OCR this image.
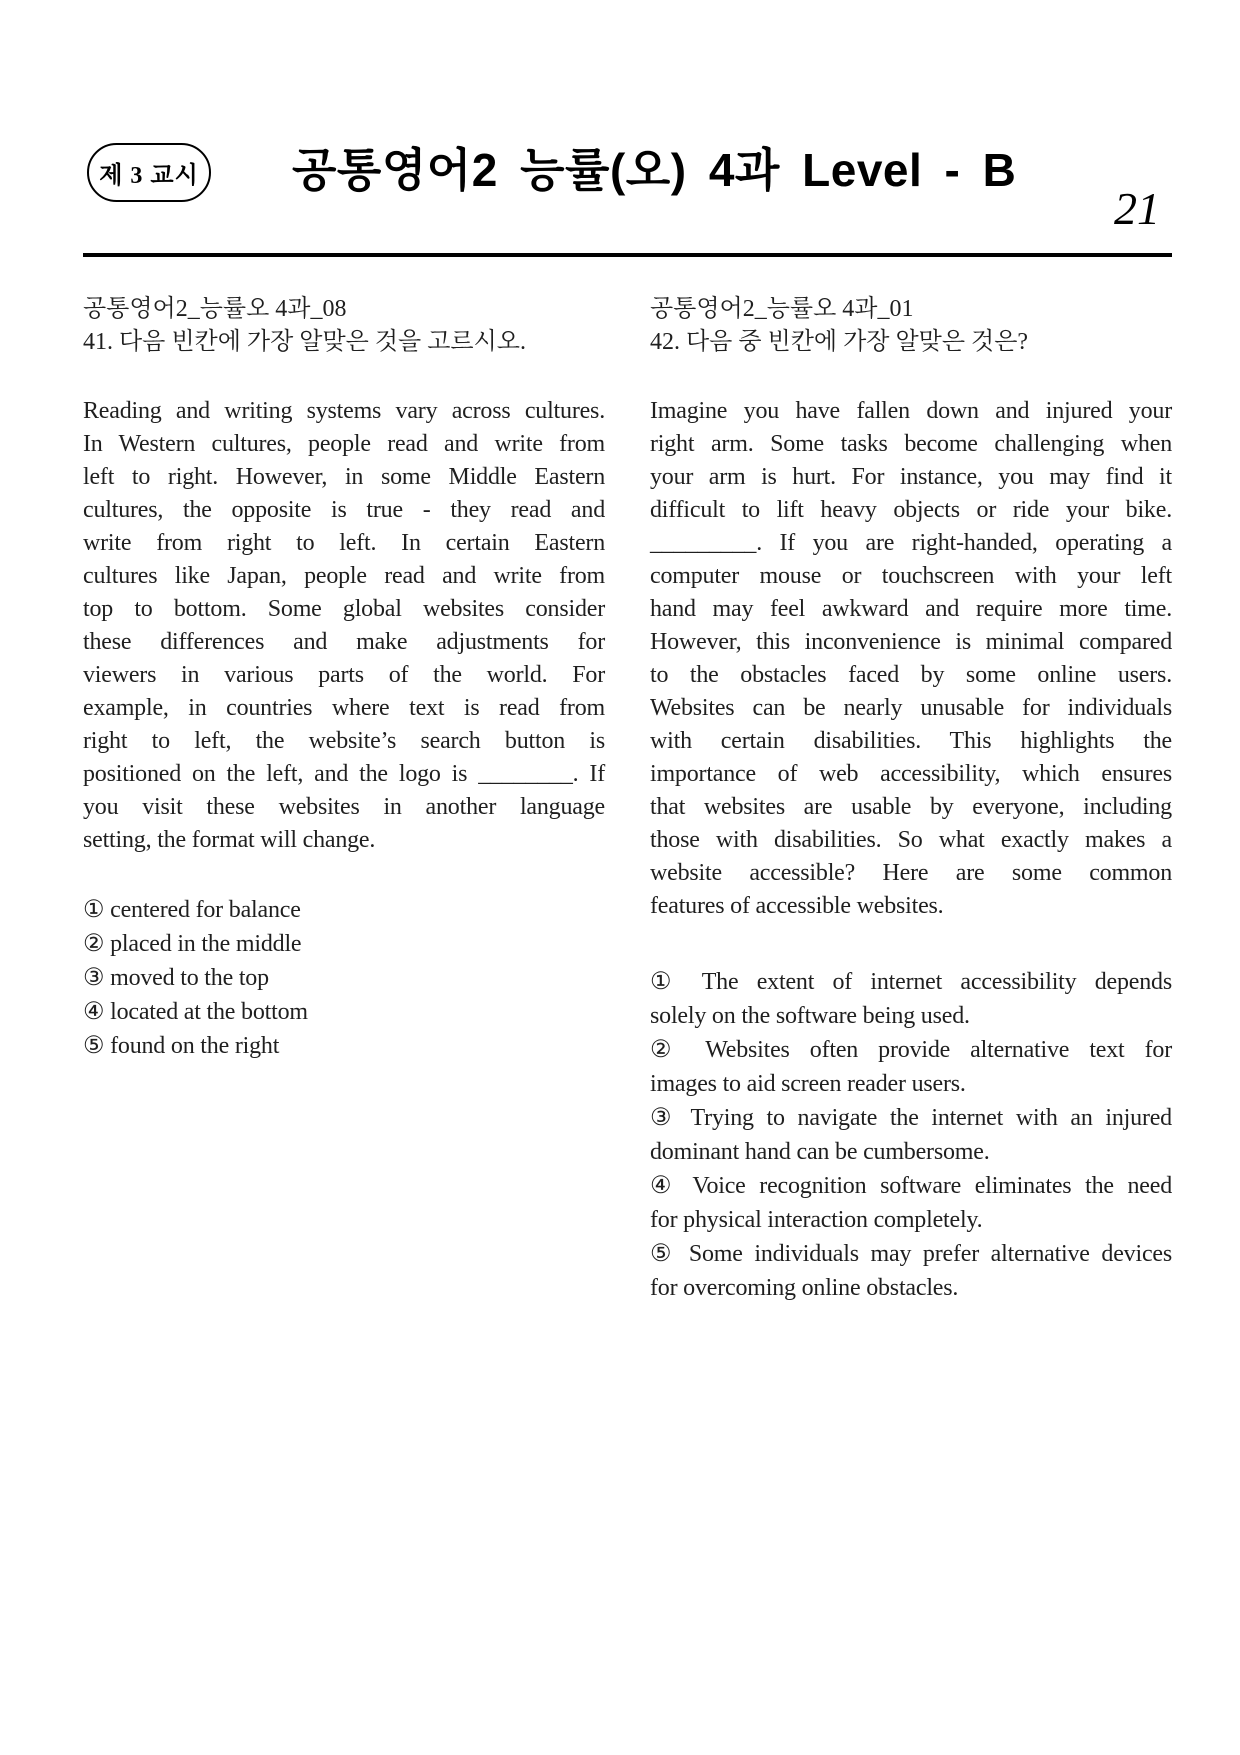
제 3 교시 공통영어2 능률(오) 4과 Level - B
21
공통영어2_능률오 4과_08
41. 다음 빈칸에 가장 알맞은 것을 고르시오.
Reading and writing systems vary across cultures.
In Western cultures, people read and write from
left to right. However, in some Middle Eastern
cultures, the opposite is true - they read and
write from right to left. In certain Eastern
cultures like Japan, people read and write from
top to bottom. Some global websites consider
these differences and make adjustments for
viewers in various parts of the world. For
example, in countries where text is read from
right to left, the website’s search button is
positioned on the left, and the logo is ________. If
you visit these websites in another language
setting, the format will change.
① centered for balance
② placed in the middle
③ moved to the top
④ located at the bottom
⑤ found on the right
공통영어2_능률오 4과_01
42. 다음 중 빈칸에 가장 알맞은 것은?
Imagine you have fallen down and injured your
right arm. Some tasks become challenging when
your arm is hurt. For instance, you may find it
difficult to lift heavy objects or ride your bike.
_________. If you are right-handed, operating a
computer mouse or touchscreen with your left
hand may feel awkward and require more time.
However, this inconvenience is minimal compared
to the obstacles faced by some online users.
Websites can be nearly unusable for individuals
with certain disabilities. This highlights the
importance of web accessibility, which ensures
that websites are usable by everyone, including
those with disabilities. So what exactly makes a
website accessible? Here are some common
features of accessible websites.
① The extent of internet accessibility depends
solely on the software being used.
② Websites often provide alternative text for
images to aid screen reader users.
③ Trying to navigate the internet with an injured
dominant hand can be cumbersome.
④ Voice recognition software eliminates the need
for physical interaction completely.
⑤ Some individuals may prefer alternative devices
for overcoming online obstacles.
